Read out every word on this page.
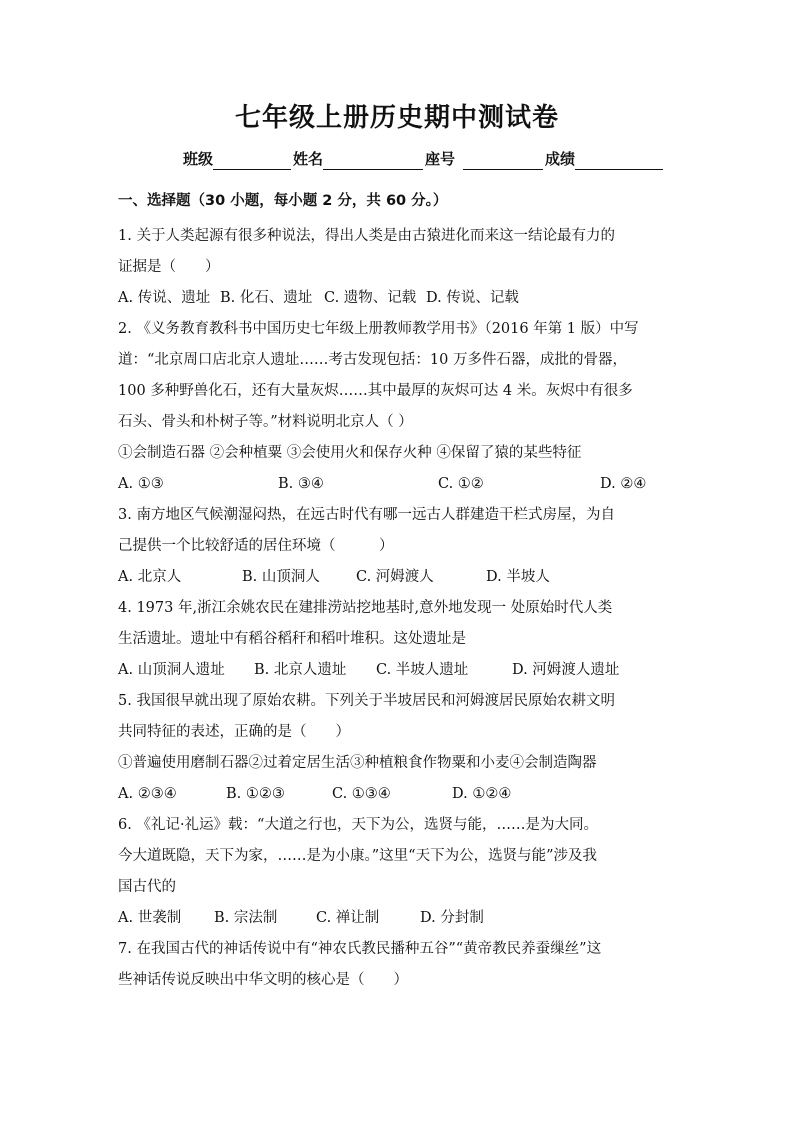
七年级上册历史期中测试卷
班级	姓名	座号	成绩
一、选择题（30 小题，每小题 2 分，共 60 分。）
1. 关于人类起源有很多种说法，得出人类是由古猿进化而来这一结论最有力的
证据是（　　）
A. 传说、遗址 B. 化石、遗址 C. 遗物、记载 D. 传说、记载
2. 《义务教育教科书中国历史七年级上册教师教学用书》（2016 年第 1 版）中写
道：“北京周口店北京人遗址……考古发现包括：10 万多件石器，成批的骨器，
100 多种野兽化石，还有大量灰烬……其中最厚的灰烬可达 4 米。灰烬中有很多
石头、骨头和朴树子等。”材料说明北京人（ ）
①会制造石器 ②会种植粟 ③会使用火和保存火种 ④保留了猿的某些特征
A. ①③	B. ③④	C. ①②	D. ②④
3. 南方地区气候潮湿闷热，在远古时代有哪一远古人群建造干栏式房屋，为自
己提供一个比较舒适的居住环境（　　　）
A. 北京人	B. 山顶洞人	C. 河姆渡人	D. 半坡人
4. 1973 年,浙江余姚农民在建排涝站挖地基时,意外地发现一 处原始时代人类
生活遗址。遗址中有稻谷稻秆和稻叶堆积。这处遗址是
A. 山顶洞人遗址	B. 北京人遗址	C. 半坡人遗址	D. 河姆渡人遗址
5. 我国很早就出现了原始农耕。下列关于半坡居民和河姆渡居民原始农耕文明
共同特征的表述，正确的是（　　）
①普遍使用磨制石器②过着定居生活③种植粮食作物粟和小麦④会制造陶器
A. ②③④	B. ①②③	C. ①③④	D. ①②④
6. 《礼记·礼运》载：“大道之行也，天下为公，选贤与能，……是为大同。
今大道既隐，天下为家，……是为小康。”这里“天下为公，选贤与能”涉及我
国古代的
A. 世袭制	B. 宗法制	C. 禅让制	D. 分封制
7. 在我国古代的神话传说中有“神农氏教民播种五谷”“黄帝教民养蚕缫丝”这
些神话传说反映出中华文明的核心是（　　）
